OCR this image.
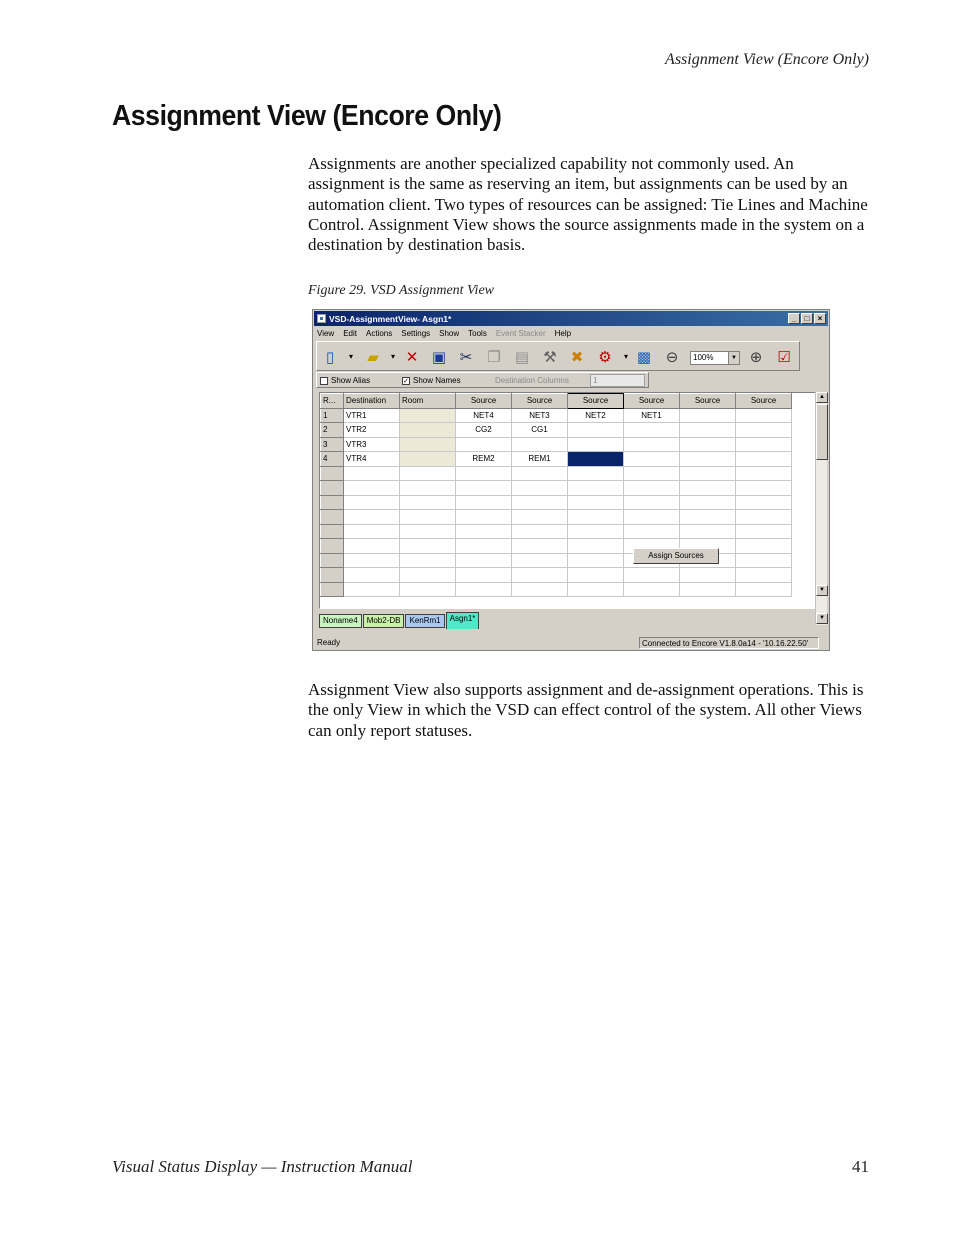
Assignment View (Encore Only)
Assignment View (Encore Only)

Assignments are another specialized capability not commonly used. An assignment is the same as reserving an item, but assignments can be used by an automation client. Two types of resources can be assigned: Tie Lines and Machine Control. Assignment View shows the source assignments made in the system on a destination by destination basis.

Figure 29. VSD Assignment View
VSD-AssignmentView- Asgn1*	_	□	×
View Edit Actions Settings Show Tools Event Stacker Help
▯	▾ ▰	▾ ✕ ▣ ✂ ❐ ▤ ⚒ ✖ ⚙ ▾ ▩ ⊖	100%	▼ ⊕ ☑
Show Alias	✓ Show Names	Destination Columns	1
R...	Destination	Room	Source	Source	Source	Source	Source	Source
1	VTR1		NET4	NET3	NET2	NET1		
2	VTR2		CG2	CG1				
3	VTR3							
4	VTR4		REM2	REM1				

Assign Sources
▲
▼
▼
Noname4	Mob2-DB	KenRm1	Asgn1*
Ready	Connected to Encore V1.8.0a14 - '10.16.22.50'

Assignment View also supports assignment and de-assignment operations. This is the only View in which the VSD can effect control of the system. All other Views can only report statuses.

Visual Status Display — Instruction Manual	41
